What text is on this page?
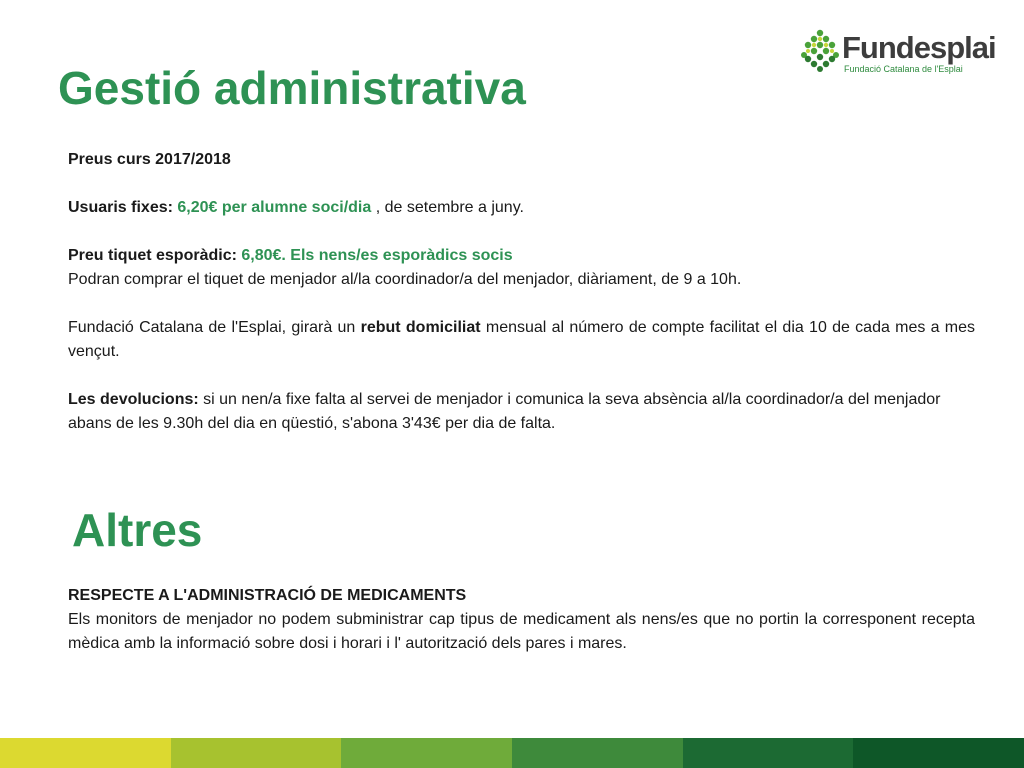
Fundesplai
Fundació Catalana de l'Esplai
Gestió administrativa

Preus curs 2017/2018

Usuaris fixes: 6,20€ per alumne soci/dia , de setembre a juny.

Preu tiquet esporàdic: 6,80€. Els nens/es esporàdics socis

Podran comprar el tiquet de menjador al/la coordinador/a del menjador, diàriament, de 9 a 10h.

Fundació Catalana de l'Esplai, girarà un rebut domiciliat mensual al número de compte facilitat el dia 10 de cada mes a mes vençut.

Les devolucions: si un nen/a fixe falta al servei de menjador i comunica la seva absència al/la coordinador/a del menjador abans de les 9.30h del dia en qüestió, s'abona 3'43€ per dia de falta.

Altres

RESPECTE A L'ADMINISTRACIÓ DE MEDICAMENTS

Els monitors de menjador no podem subministrar cap tipus de medicament als nens/es que no portin la corresponent recepta mèdica amb la informació sobre dosi i horari i l' autorització dels pares i mares.
